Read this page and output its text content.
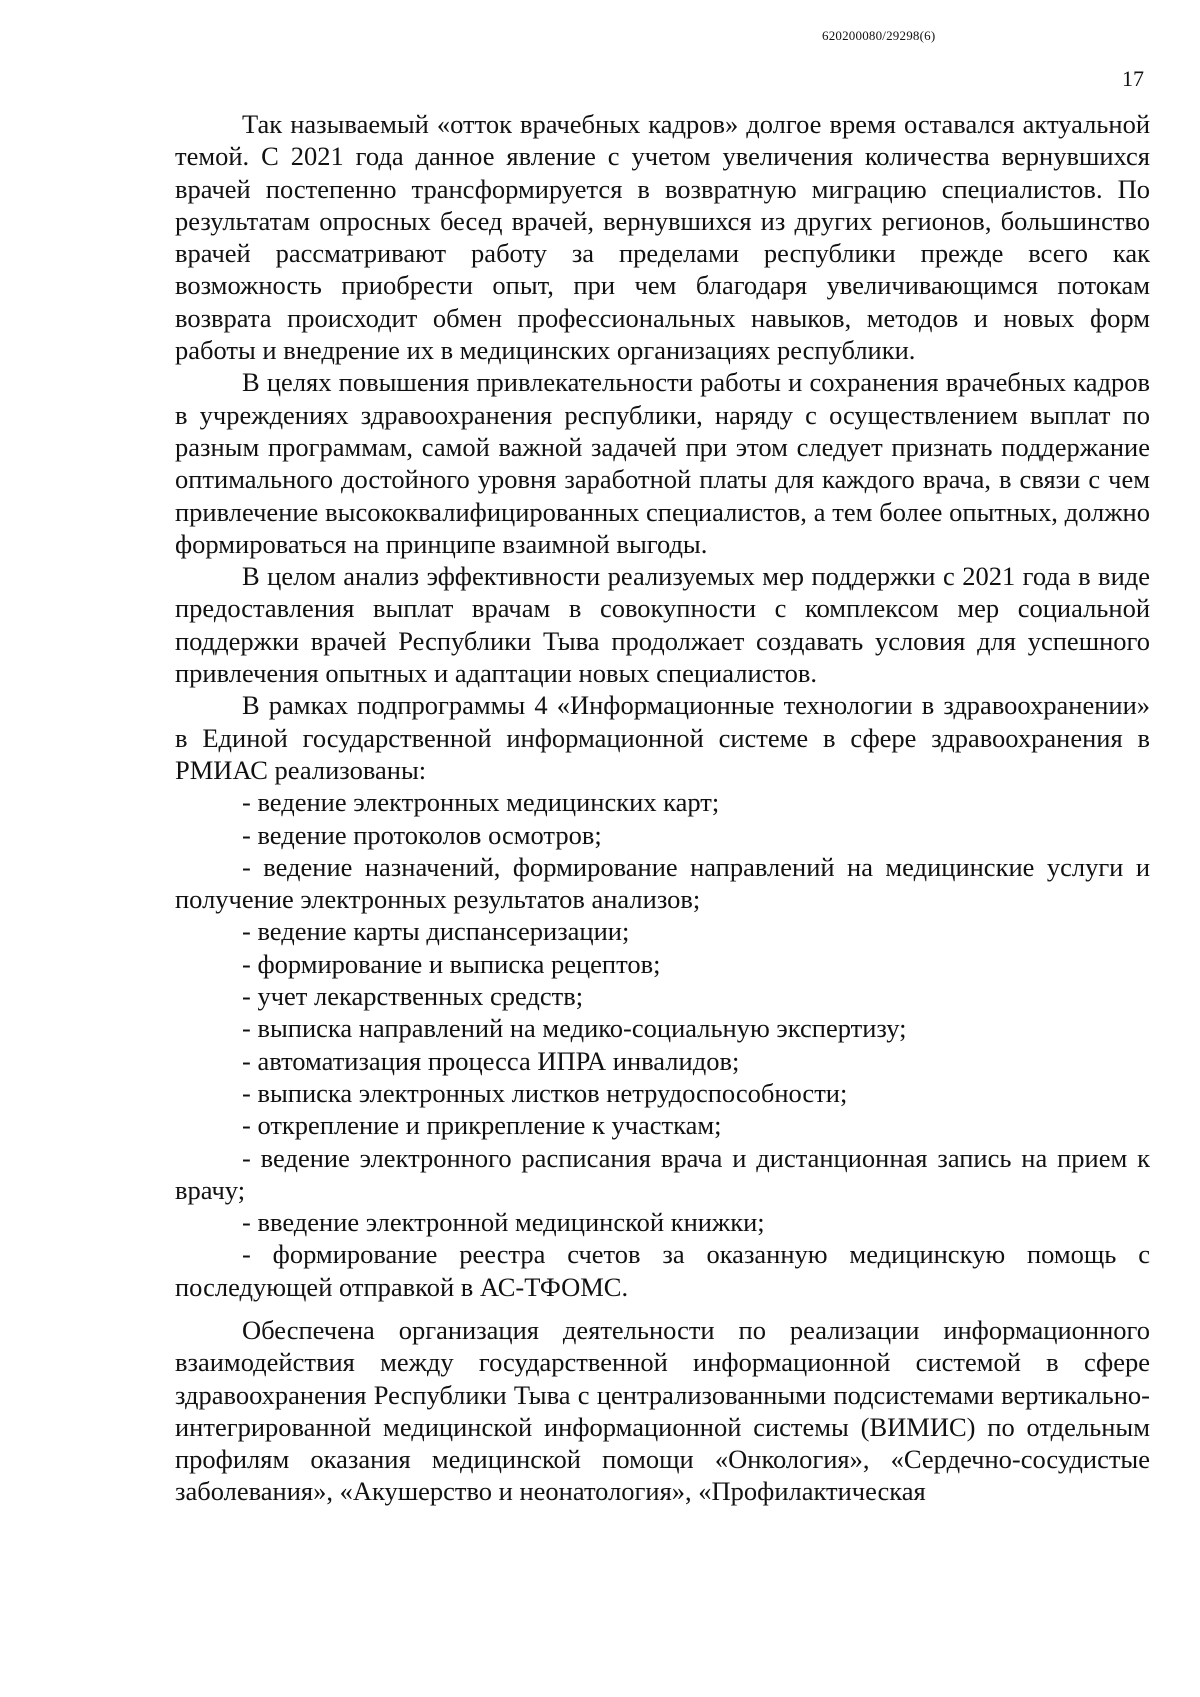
620200080/29298(6)
17

Так называемый «отток врачебных кадров» долгое время оставался актуальной темой. С 2021 года данное явление с учетом увеличения количества вернувшихся врачей постепенно трансформируется в возвратную миграцию специалистов. По результатам опросных бесед врачей, вернувшихся из других регионов, большинство врачей рассматривают работу за пределами республики прежде всего как возможность приобрести опыт, при чем благодаря увеличивающимся потокам возврата происходит обмен профессиональных навыков, методов и новых форм работы и внедрение их в медицинских организациях республики.

В целях повышения привлекательности работы и сохранения врачебных кадров в учреждениях здравоохранения республики, наряду с осуществлением выплат по разным программам, самой важной задачей при этом следует признать поддержание оптимального достойного уровня заработной платы для каждого врача, в связи с чем привлечение высококвалифицированных специалистов, а тем более опытных, должно формироваться на принципе взаимной выгоды.

В целом анализ эффективности реализуемых мер поддержки с 2021 года в виде предоставления выплат врачам в совокупности с комплексом мер социальной поддержки врачей Республики Тыва продолжает создавать условия для успешного привлечения опытных и адаптации новых специалистов.

В рамках подпрограммы 4 «Информационные технологии в здравоохранении» в Единой государственной информационной системе в сфере здравоохранения в РМИАС реализованы:

- ведение электронных медицинских карт;
- ведение протоколов осмотров;
- ведение назначений, формирование направлений на медицинские услуги и получение электронных результатов анализов;
- ведение карты диспансеризации;
- формирование и выписка рецептов;
- учет лекарственных средств;
- выписка направлений на медико-социальную экспертизу;
- автоматизация процесса ИПРА инвалидов;
- выписка электронных листков нетрудоспособности;
- открепление и прикрепление к участкам;
- ведение электронного расписания врача и дистанционная запись на прием к врачу;
- введение электронной медицинской книжки;
- формирование реестра счетов за оказанную медицинскую помощь с последующей отправкой в АС-ТФОМС.

Обеспечена организация деятельности по реализации информационного взаимодействия между государственной информационной системой в сфере здравоохранения Республики Тыва с централизованными подсистемами вертикально-интегрированной медицинской информационной системы (ВИМИС) по отдельным профилям оказания медицинской помощи «Онкология», «Сердечно-сосудистые заболевания», «Акушерство и неонатология», «Профилактическая
